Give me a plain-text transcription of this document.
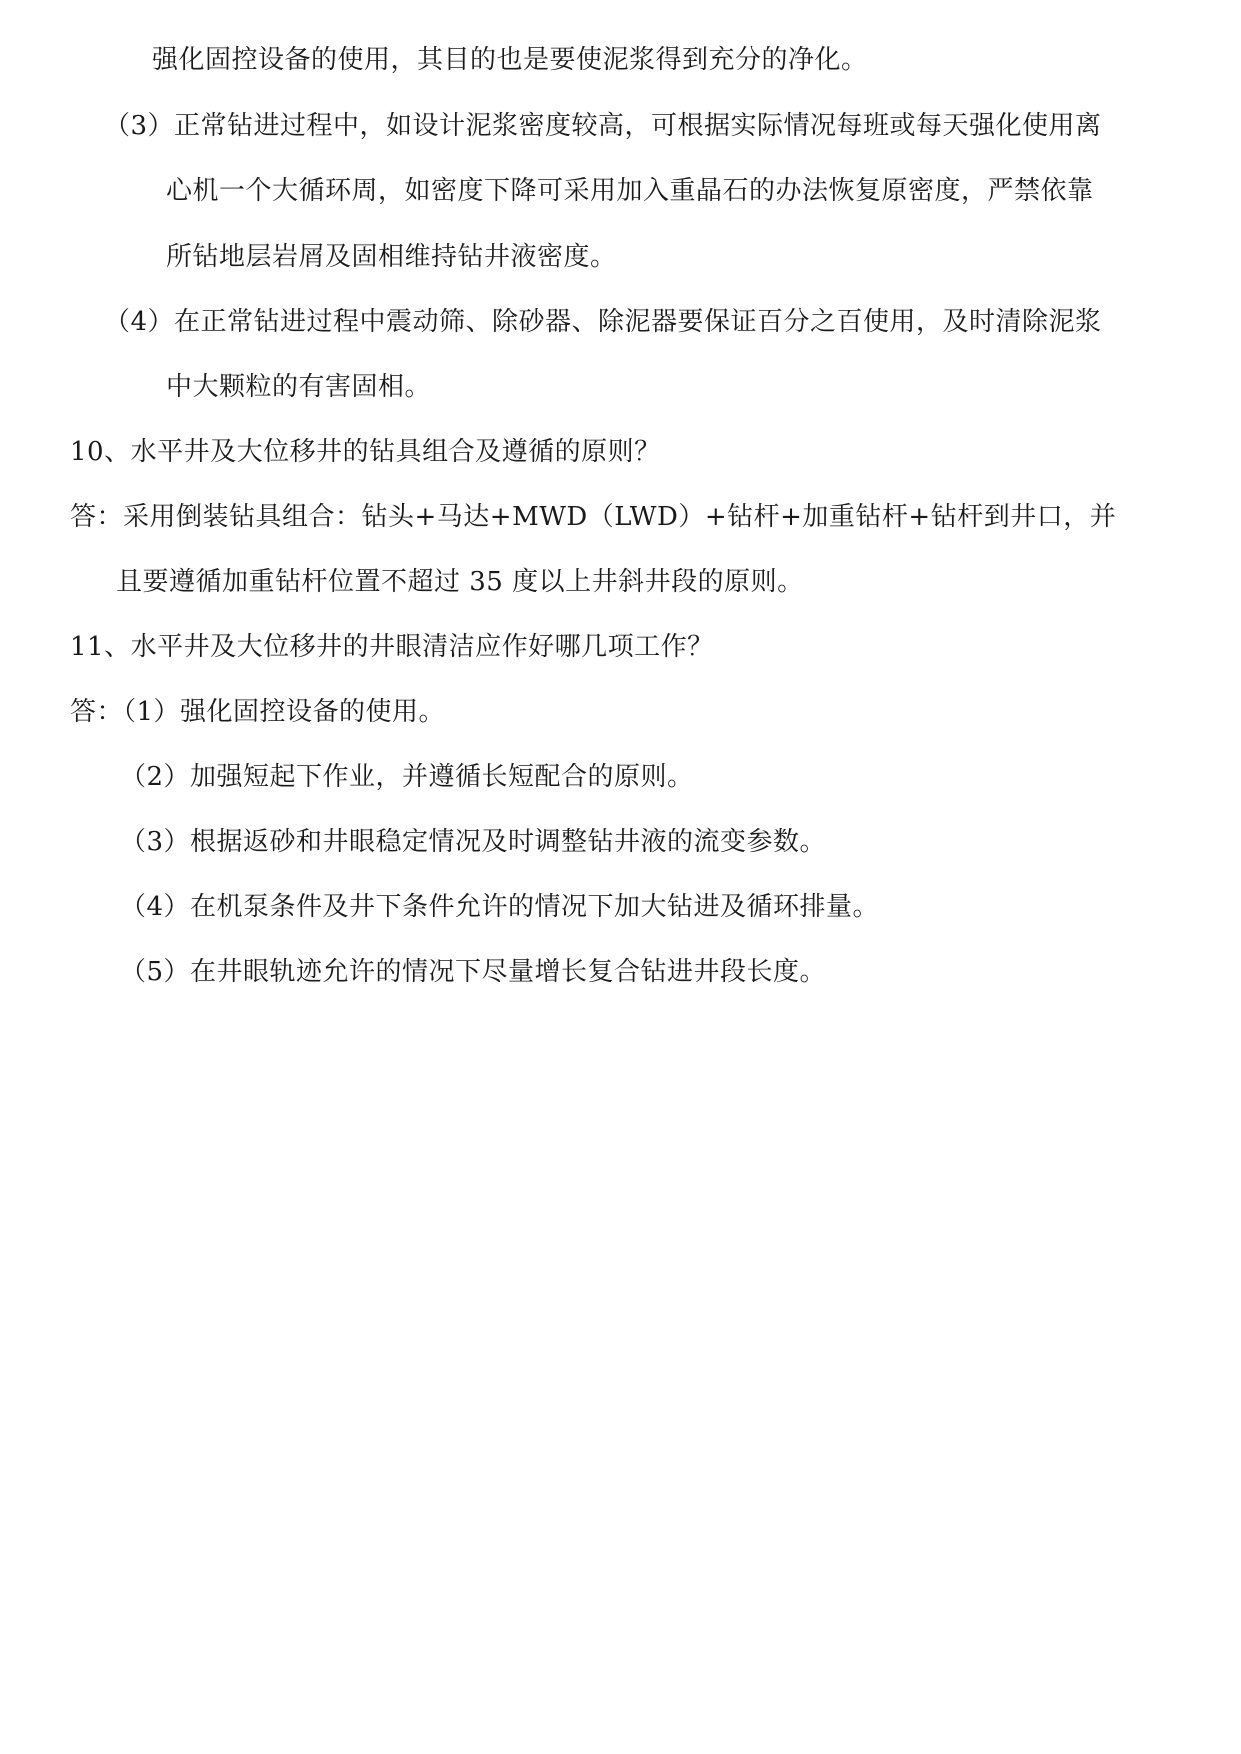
强化固控设备的使用，其目的也是要使泥浆得到充分的净化。
（3）正常钻进过程中，如设计泥浆密度较高，可根据实际情况每班或每天强化使用离
心机一个大循环周，如密度下降可采用加入重晶石的办法恢复原密度，严禁依靠
所钻地层岩屑及固相维持钻井液密度。
（4）在正常钻进过程中震动筛、除砂器、除泥器要保证百分之百使用，及时清除泥浆
中大颗粒的有害固相。
10、水平井及大位移井的钻具组合及遵循的原则？
答：采用倒装钻具组合：钻头+马达+MWD（LWD）+钻杆+加重钻杆+钻杆到井口，并
且要遵循加重钻杆位置不超过 35 度以上井斜井段的原则。
11、水平井及大位移井的井眼清洁应作好哪几项工作？
答：（1）强化固控设备的使用。
（2）加强短起下作业，并遵循长短配合的原则。
（3）根据返砂和井眼稳定情况及时调整钻井液的流变参数。
（4）在机泵条件及井下条件允许的情况下加大钻进及循环排量。
（5）在井眼轨迹允许的情况下尽量增长复合钻进井段长度。
